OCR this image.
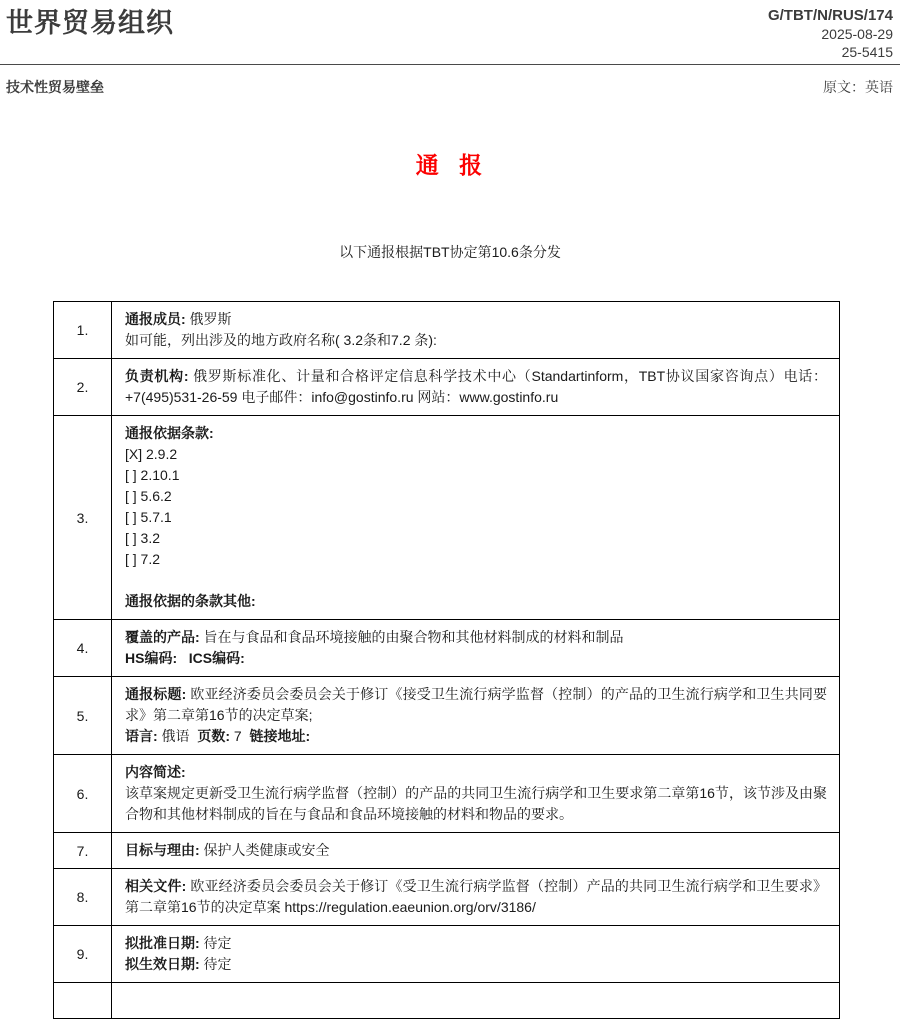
世界贸易组织	G/TBT/N/RUS/174
2025-08-29
25-5415
技术性贸易壁垒	原文：英语
通 报
以下通报根据TBT协定第10.6条分发
1.	通报成员: 俄罗斯
如可能，列出涉及的地方政府名称( 3.2条和7.2 条):

2.	负责机构: 俄罗斯标准化、计量和合格评定信息科学技术中心（Standartinform，TBT协议国家咨询点）电话：+7(495)531-26-59 电子邮件：info@gostinfo.ru 网站：www.gostinfo.ru

3.	
通报依据条款:
[X] 2.9.2
[ ] 2.10.1
[ ] 5.6.2
[ ] 5.7.1
[ ] 3.2
[ ] 7.2

通报依据的条款其他:

4.	覆盖的产品: 旨在与食品和食品环境接触的由聚合物和其他材料制成的材料和制品
HS编码: ICS编码:

5.	通报标题: 欧亚经济委员会委员会关于修订《接受卫生流行病学监督（控制）的产品的卫生流行病学和卫生共同要求》第二章第16节的决定草案;
语言: 俄语  页数: 7  链接地址:

6.	内容简述:
该草案规定更新受卫生流行病学监督（控制）的产品的共同卫生流行病学和卫生要求第二章第16节，该节涉及由聚合物和其他材料制成的旨在与食品和食品环境接触的材料和物品的要求。

7.	目标与理由: 保护人类健康或安全

8.	相关文件: 欧亚经济委员会委员会关于修订《受卫生流行病学监督（控制）产品的共同卫生流行病学和卫生要求》第二章第16节的决定草案 https://regulation.eaeunion.org/orv/3186/

9.	拟批准日期: 待定
拟生效日期: 待定
